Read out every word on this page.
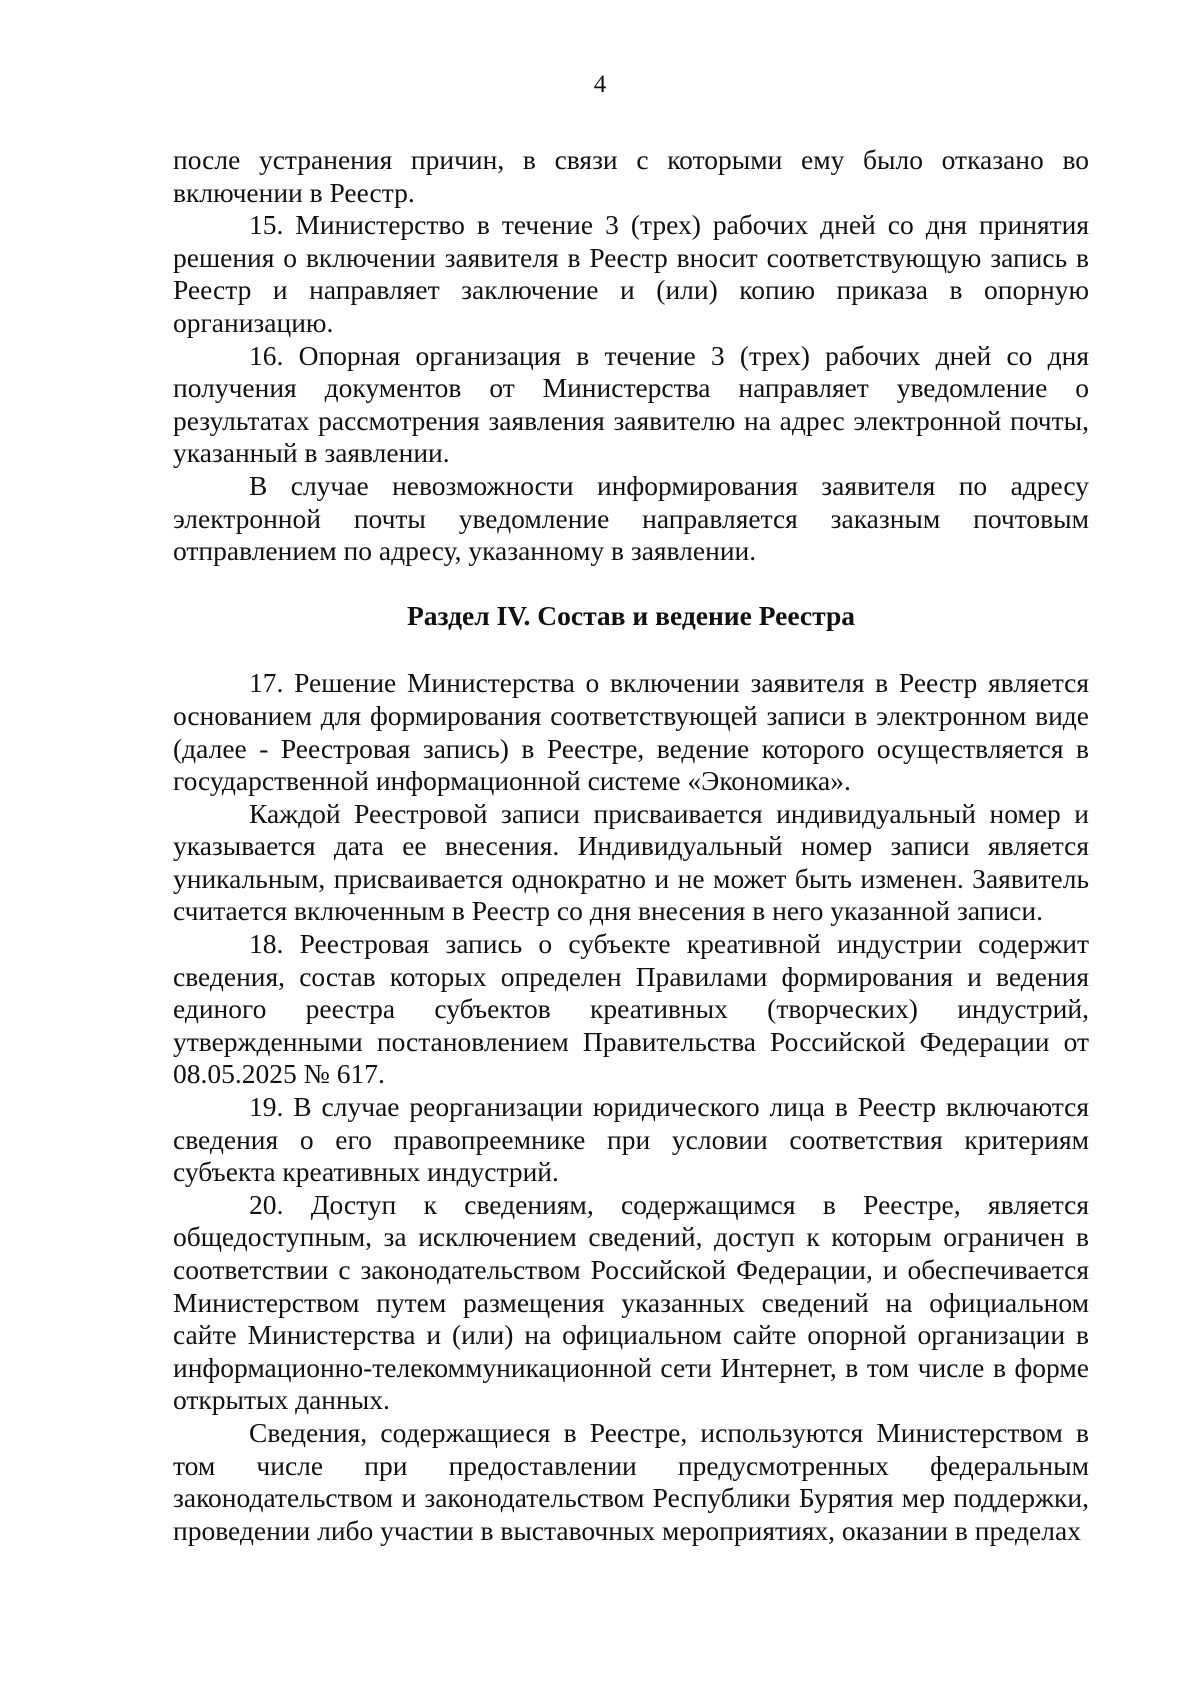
4

после устранения причин, в связи с которыми ему было отказано во включении в Реестр.

15. Министерство в течение 3 (трех) рабочих дней со дня принятия решения о включении заявителя в Реестр вносит соответствующую запись в Реестр и направляет заключение и (или) копию приказа в опорную организацию.

16. Опорная организация в течение 3 (трех) рабочих дней со дня получения документов от Министерства направляет уведомление о результатах рассмотрения заявления заявителю на адрес электронной почты, указанный в заявлении.

В случае невозможности информирования заявителя по адресу электронной почты уведомление направляется заказным почтовым отправлением по адресу, указанному в заявлении.

Раздел IV. Состав и ведение Реестра

17. Решение Министерства о включении заявителя в Реестр является основанием для формирования соответствующей записи в электронном виде (далее - Реестровая запись) в Реестре, ведение которого осуществляется в государственной информационной системе «Экономика».

Каждой Реестровой записи присваивается индивидуальный номер и указывается дата ее внесения. Индивидуальный номер записи является уникальным, присваивается однократно и не может быть изменен. Заявитель считается включенным в Реестр со дня внесения в него указанной записи.

18. Реестровая запись о субъекте креативной индустрии содержит сведения, состав которых определен Правилами формирования и ведения единого реестра субъектов креативных (творческих) индустрий, утвержденными постановлением Правительства Российской Федерации от 08.05.2025 № 617.

19. В случае реорганизации юридического лица в Реестр включаются сведения о его правопреемнике при условии соответствия критериям субъекта креативных индустрий.

20. Доступ к сведениям, содержащимся в Реестре, является общедоступным, за исключением сведений, доступ к которым ограничен в соответствии с законодательством Российской Федерации, и обеспечивается Министерством путем размещения указанных сведений на официальном сайте Министерства и (или) на официальном сайте опорной организации в информационно-телекоммуникационной сети Интернет, в том числе в форме открытых данных.

Сведения, содержащиеся в Реестре, используются Министерством в том числе при предоставлении предусмотренных федеральным законодательством и законодательством Республики Бурятия мер поддержки, проведении либо участии в выставочных мероприятиях, оказании в пределах
